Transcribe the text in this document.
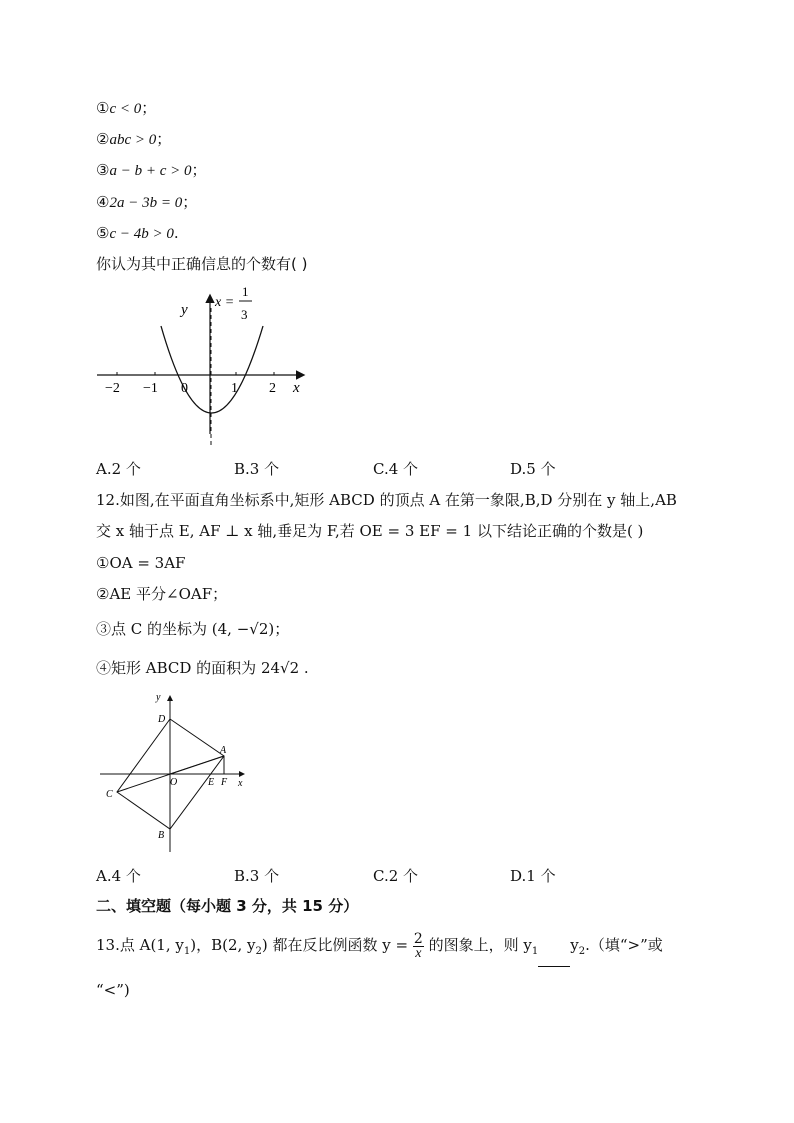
①c < 0；
②abc > 0；
③a − b + c > 0；
④2a − 3b = 0；
⑤c − 4b > 0.
你认为其中正确信息的个数有( )
y x =
1
3
−2 −1 0	1 2 x
A.2 个	B.3 个	C.4 个	D.5 个
12.如图,在平面直角坐标系中,矩形 ABCD 的顶点 A 在第一象限,B,D 分别在 y 轴上,AB
交 x 轴于点 E, AF ⊥ x 轴,垂足为 F,若 OE = 3 EF = 1 以下结论正确的个数是( )
①OA = 3AF
②AE 平分∠OAF；
③点 C 的坐标为 (4, −√2)；
④矩形 ABCD 的面积为 24√2 .
y
D
A
O	E F x
C
B
A.4 个	B.3 个	C.2 个	D.1 个
二、填空题（每小题 3 分，共 15 分）
13.点 A(1, $y_1$)，B(2, $y_2$) 都在反比例函数 $y = \frac{2}{x}$ 的图象上，则 $y_1$ $y_2$.（填“>”或
“<”)
